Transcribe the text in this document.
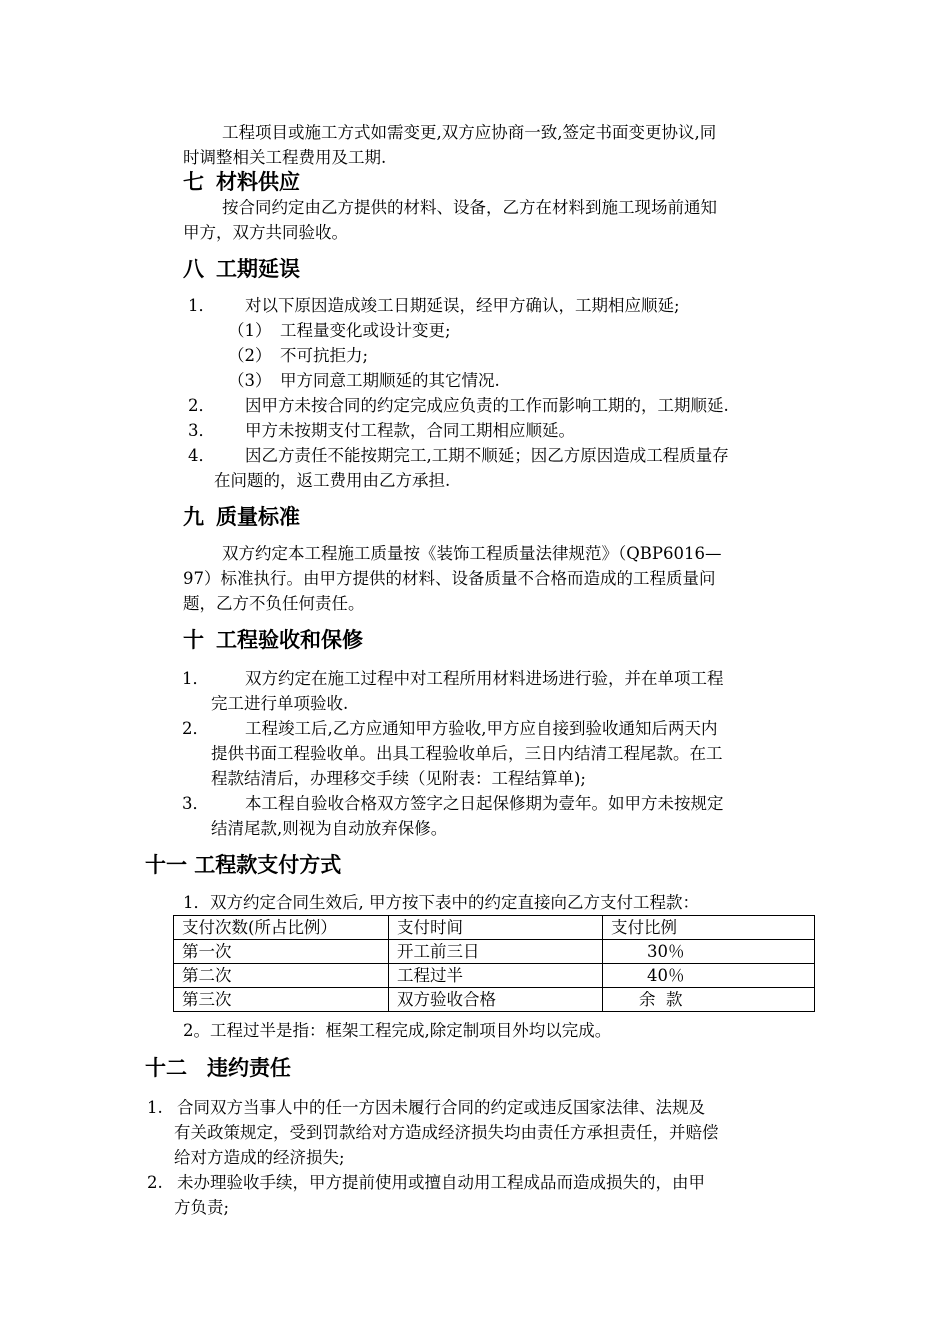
工程项目或施工方式如需变更,双方应协商一致,签定书面变更协议,同
时调整相关工程费用及工期.
七 材料供应
按合同约定由乙方提供的材料、设备，乙方在材料到施工现场前通知
甲方，双方共同验收。
八 工期延误
1． 对以下原因造成竣工日期延误，经甲方确认，工期相应顺延;
（1） 工程量变化或设计变更;
（2） 不可抗拒力;
（3） 甲方同意工期顺延的其它情况.
2． 因甲方未按合同的约定完成应负责的工作而影响工期的，工期顺延.
3． 甲方未按期支付工程款，合同工期相应顺延。
4． 因乙方责任不能按期完工,工期不顺延；因乙方原因造成工程质量存
在问题的，返工费用由乙方承担.
九 质量标准
双方约定本工程施工质量按《装饰工程质量法律规范》（QBP6016—
97）标准执行。由甲方提供的材料、设备质量不合格而造成的工程质量问
题，乙方不负任何责任。
十 工程验收和保修
1． 双方约定在施工过程中对工程所用材料进场进行验，并在单项工程
完工进行单项验收.
2． 工程竣工后,乙方应通知甲方验收,甲方应自接到验收通知后两天内
提供书面工程验收单。出具工程验收单后，三日内结清工程尾款。在工
程款结清后，办理移交手续（见附表：工程结算单);
3． 本工程自验收合格双方签字之日起保修期为壹年。如甲方未按规定
结清尾款,则视为自动放弃保修。
十一 工程款支付方式
1．双方约定合同生效后, 甲方按下表中的约定直接向乙方支付工程款：
支付次数(所占比例）	支付时间	支付比例
第一次	开工前三日	30％
第二次	工程过半	40％
第三次	双方验收合格	余  款
2。工程过半是指：框架工程完成,除定制项目外均以完成。
十二 违约责任
1. 合同双方当事人中的任一方因未履行合同的约定或违反国家法律、法规及
有关政策规定，受到罚款给对方造成经济损失均由责任方承担责任，并赔偿
给对方造成的经济损失;
2. 未办理验收手续，甲方提前使用或擅自动用工程成品而造成损失的，由甲
方负责;
